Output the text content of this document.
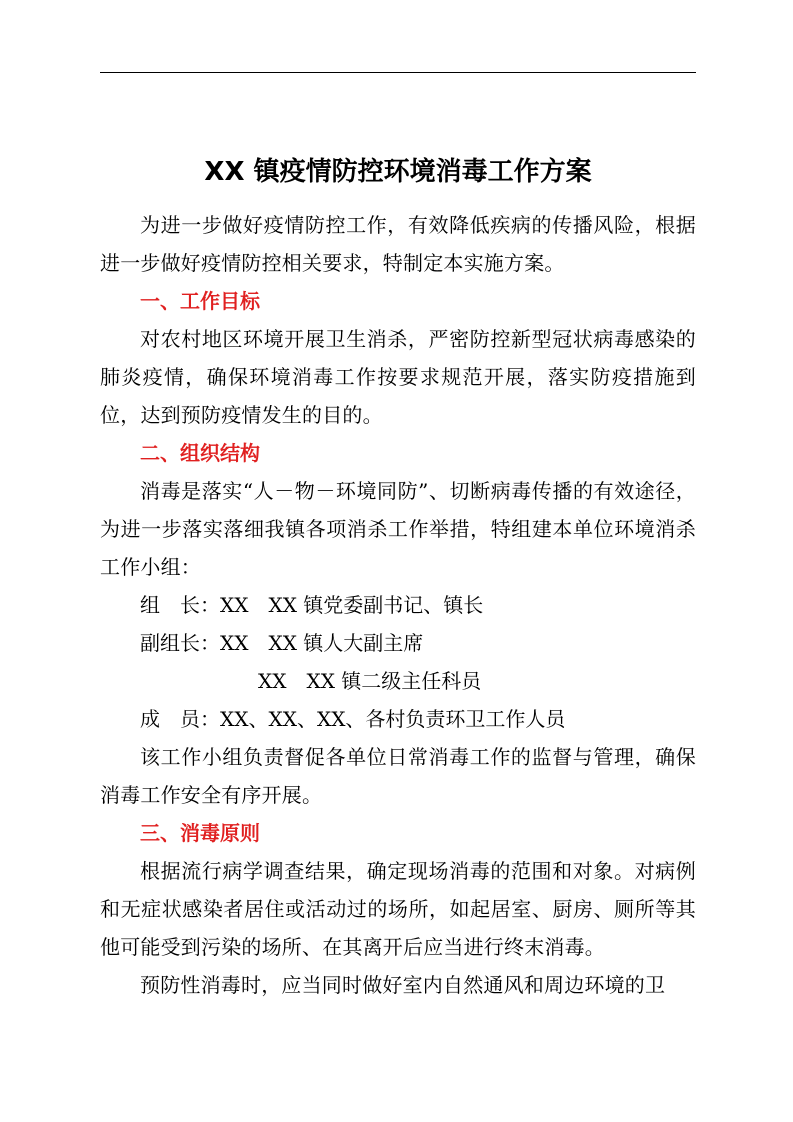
XX 镇疫情防控环境消毒工作方案

为进一步做好疫情防控工作，有效降低疾病的传播风险，根据进一步做好疫情防控相关要求，特制定本实施方案。

一、工作目标

对农村地区环境开展卫生消杀，严密防控新型冠状病毒感染的肺炎疫情，确保环境消毒工作按要求规范开展，落实防疫措施到位，达到预防疫情发生的目的。

二、组织结构

消毒是落实“人－物－环境同防”、切断病毒传播的有效途径，为进一步落实落细我镇各项消杀工作举措，特组建本单位环境消杀工作小组：

组　长：XX　XX 镇党委副书记、镇长

副组长：XX　XX 镇人大副主席

XX　XX 镇二级主任科员

成　员：XX、XX、XX、各村负责环卫工作人员

该工作小组负责督促各单位日常消毒工作的监督与管理，确保消毒工作安全有序开展。

三、消毒原则

根据流行病学调查结果，确定现场消毒的范围和对象。对病例和无症状感染者居住或活动过的场所，如起居室、厨房、厕所等其他可能受到污染的场所、在其离开后应当进行终末消毒。

预防性消毒时，应当同时做好室内自然通风和周边环境的卫
